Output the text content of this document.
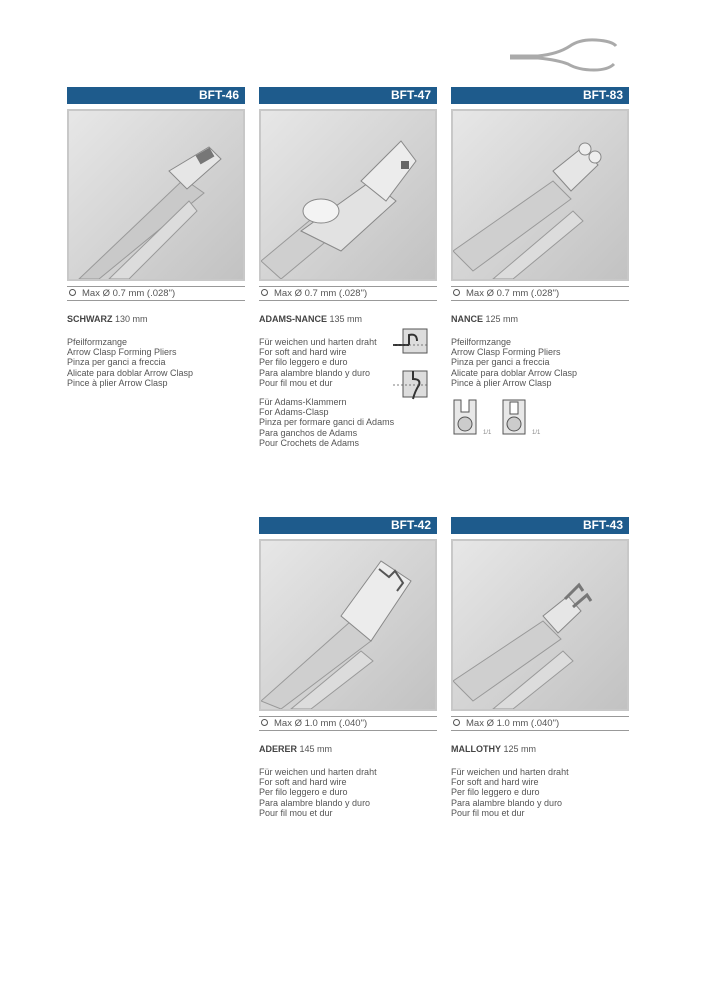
BFT-46
Max Ø 0.7 mm (.028")
SCHWARZ 130 mm
Pfeilformzange
Arrow Clasp Forming Pliers
Pinza per ganci a freccia
Alicate para doblar Arrow Clasp
Pince à plier Arrow Clasp
BFT-47
Max Ø 0.7 mm (.028")
ADAMS-NANCE 135 mm
Für weichen und harten draht
For soft and hard wire
Per filo leggero e duro
Para alambre blando y duro
Pour fil mou et dur
Für Adams-Klammern
For Adams-Clasp
Pinza per formare ganci di Adams
Para ganchos de Adams
Pour Crochets de Adams
BFT-83
Max Ø 0.7 mm (.028")
NANCE 125 mm
Pfeilformzange
Arrow Clasp Forming Pliers
Pinza per ganci a freccia
Alicate para doblar Arrow Clasp
Pince à plier Arrow Clasp
1/1	1/1
BFT-42
Max Ø 1.0 mm (.040")
ADERER 145 mm
Für weichen und harten draht
For soft and hard wire
Per filo leggero e duro
Para alambre blando y duro
Pour fil mou et dur
BFT-43
Max Ø 1.0 mm (.040")
MALLOTHY 125 mm
Für weichen und harten draht
For soft and hard wire
Per filo leggero e duro
Para alambre blando y duro
Pour fil mou et dur
